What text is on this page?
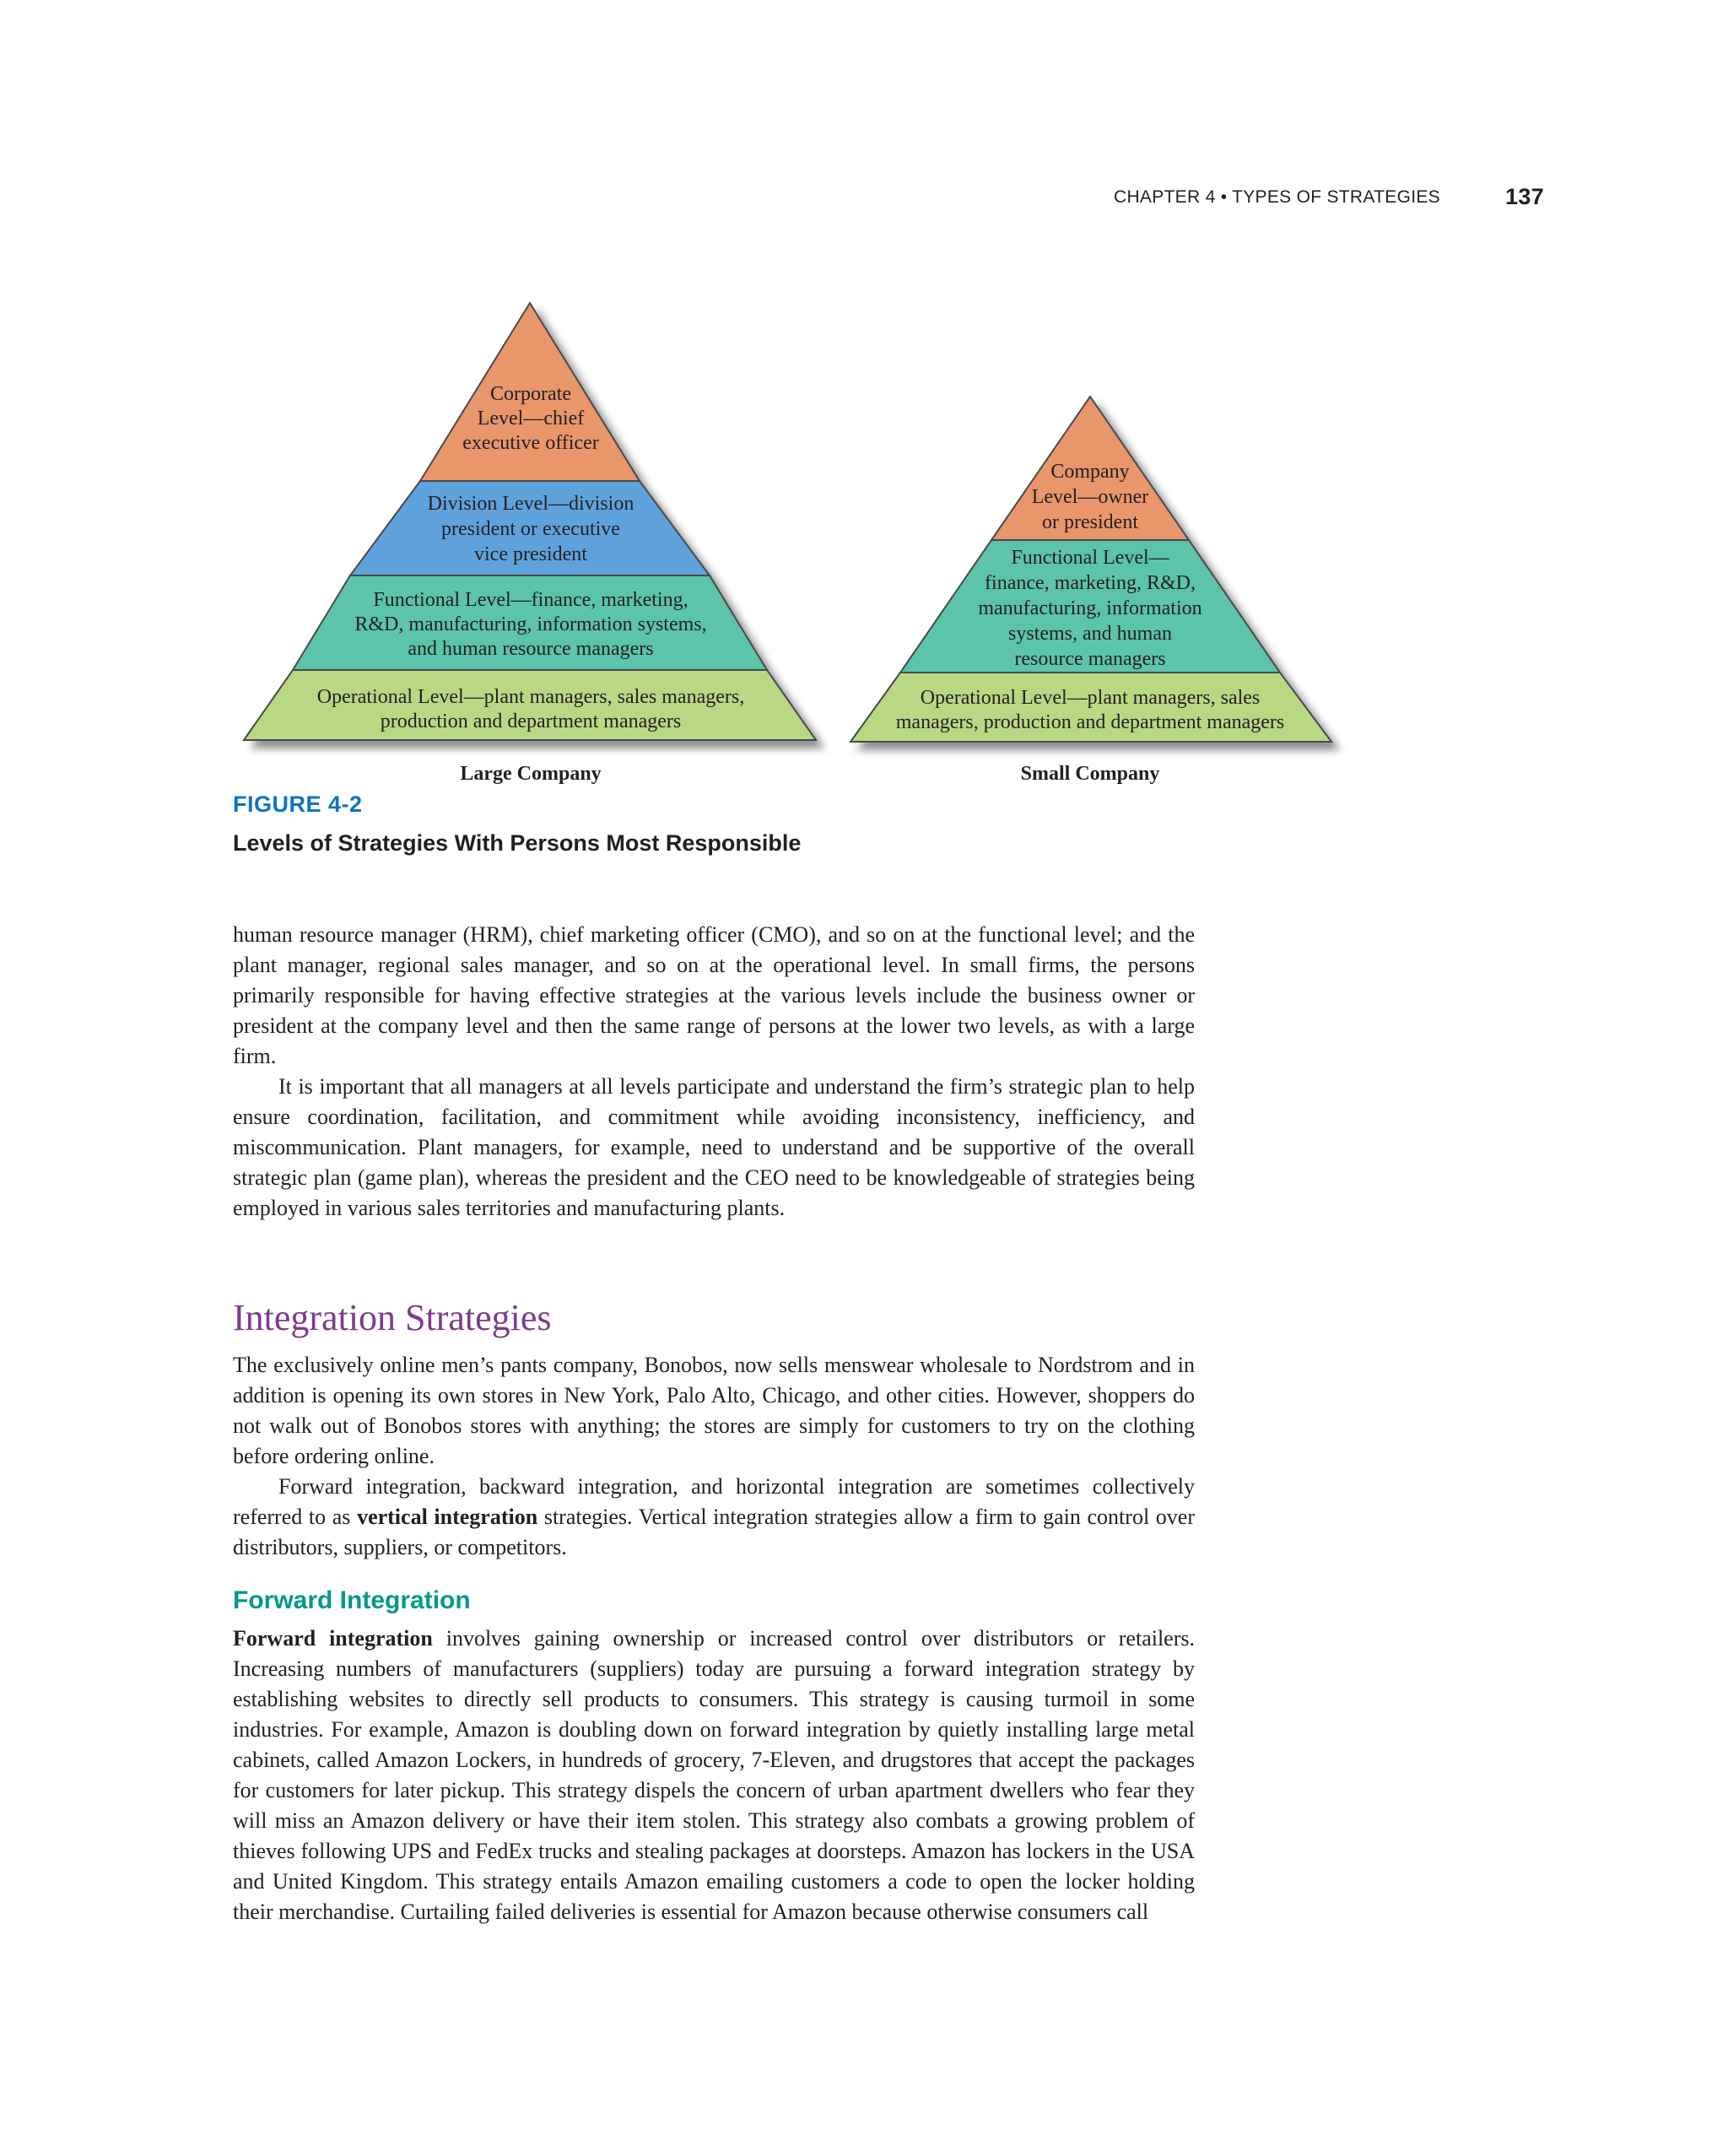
CHAPTER 4 • TYPES OF STRATEGIES	137
Corporate Level—chief executive officer
Division Level—division president or executive vice president
Functional Level—finance, marketing, R&D, manufacturing, information systems, and human resource managers
Operational Level—plant managers, sales managers, production and department managers
Company Level—owner or president
Functional Level— finance, marketing, R&D, manufacturing, information systems, and human resource managers
Operational Level—plant managers, sales managers, production and department managers
Large Company	Small Company
FIGURE 4-2
Levels of Strategies With Persons Most Responsible

human resource manager (HRM), chief marketing officer (CMO), and so on at the functional level; and the plant manager, regional sales manager, and so on at the operational level. In small firms, the persons primarily responsible for having effective strategies at the various levels include the business owner or president at the company level and then the same range of persons at the lower two levels, as with a large firm.

It is important that all managers at all levels participate and understand the firm’s strategic plan to help ensure coordination, facilitation, and commitment while avoiding inconsistency, inefficiency, and miscommunication. Plant managers, for example, need to understand and be supportive of the overall strategic plan (game plan), whereas the president and the CEO need to be knowledgeable of strategies being employed in various sales territories and manufacturing plants.

Integration Strategies

The exclusively online men’s pants company, Bonobos, now sells menswear wholesale to Nordstrom and in addition is opening its own stores in New York, Palo Alto, Chicago, and other cities. However, shoppers do not walk out of Bonobos stores with anything; the stores are simply for customers to try on the clothing before ordering online.

Forward integration, backward integration, and horizontal integration are sometimes collectively referred to as vertical integration strategies. Vertical integration strategies allow a firm to gain control over distributors, suppliers, or competitors.

Forward Integration

Forward integration involves gaining ownership or increased control over distributors or retailers. Increasing numbers of manufacturers (suppliers) today are pursuing a forward integration strategy by establishing websites to directly sell products to consumers. This strategy is causing turmoil in some industries. For example, Amazon is doubling down on forward integration by quietly installing large metal cabinets, called Amazon Lockers, in hundreds of grocery, 7-Eleven, and drugstores that accept the packages for customers for later pickup. This strategy dispels the concern of urban apartment dwellers who fear they will miss an Amazon delivery or have their item stolen. This strategy also combats a growing problem of thieves following UPS and FedEx trucks and stealing packages at doorsteps. Amazon has lockers in the USA and United Kingdom. This strategy entails Amazon emailing customers a code to open the locker holding their merchandise. Curtailing failed deliveries is essential for Amazon because otherwise consumers call
